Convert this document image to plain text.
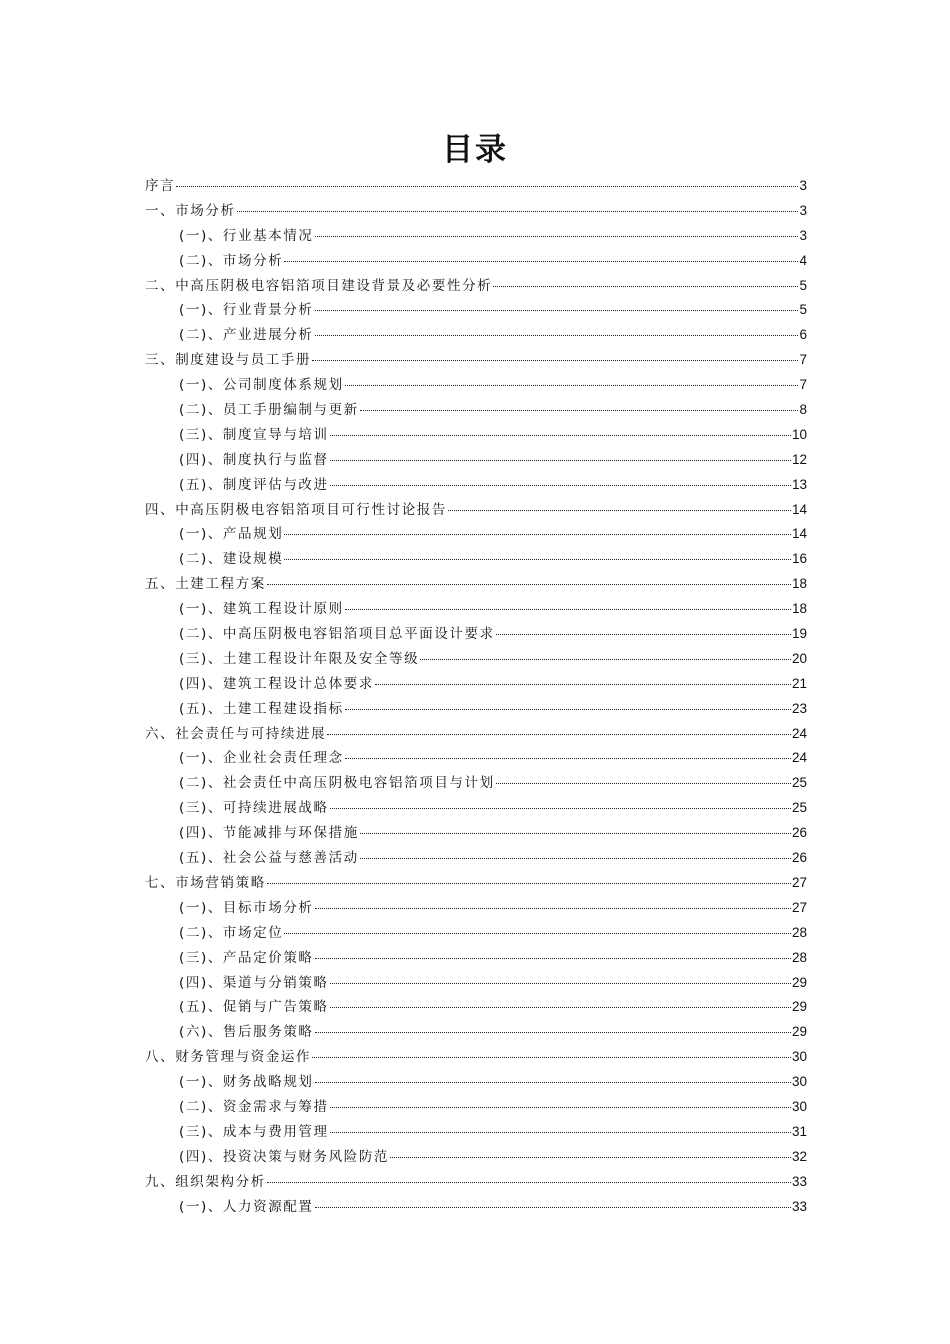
目录
序言	3
一、市场分析	3
(一)、行业基本情况	3
(二)、市场分析	4
二、中高压阴极电容铝箔项目建设背景及必要性分析	5
(一)、行业背景分析	5
(二)、产业进展分析	6
三、制度建设与员工手册	7
(一)、公司制度体系规划	7
(二)、员工手册编制与更新	8
(三)、制度宣导与培训	10
(四)、制度执行与监督	12
(五)、制度评估与改进	13
四、中高压阴极电容铝箔项目可行性讨论报告	14
(一)、产品规划	14
(二)、建设规模	16
五、土建工程方案	18
(一)、建筑工程设计原则	18
(二)、中高压阴极电容铝箔项目总平面设计要求	19
(三)、土建工程设计年限及安全等级	20
(四)、建筑工程设计总体要求	21
(五)、土建工程建设指标	23
六、社会责任与可持续进展	24
(一)、企业社会责任理念	24
(二)、社会责任中高压阴极电容铝箔项目与计划	25
(三)、可持续进展战略	25
(四)、节能减排与环保措施	26
(五)、社会公益与慈善活动	26
七、市场营销策略	27
(一)、目标市场分析	27
(二)、市场定位	28
(三)、产品定价策略	28
(四)、渠道与分销策略	29
(五)、促销与广告策略	29
(六)、售后服务策略	29
八、财务管理与资金运作	30
(一)、财务战略规划	30
(二)、资金需求与筹措	30
(三)、成本与费用管理	31
(四)、投资决策与财务风险防范	32
九、组织架构分析	33
(一)、人力资源配置	33
